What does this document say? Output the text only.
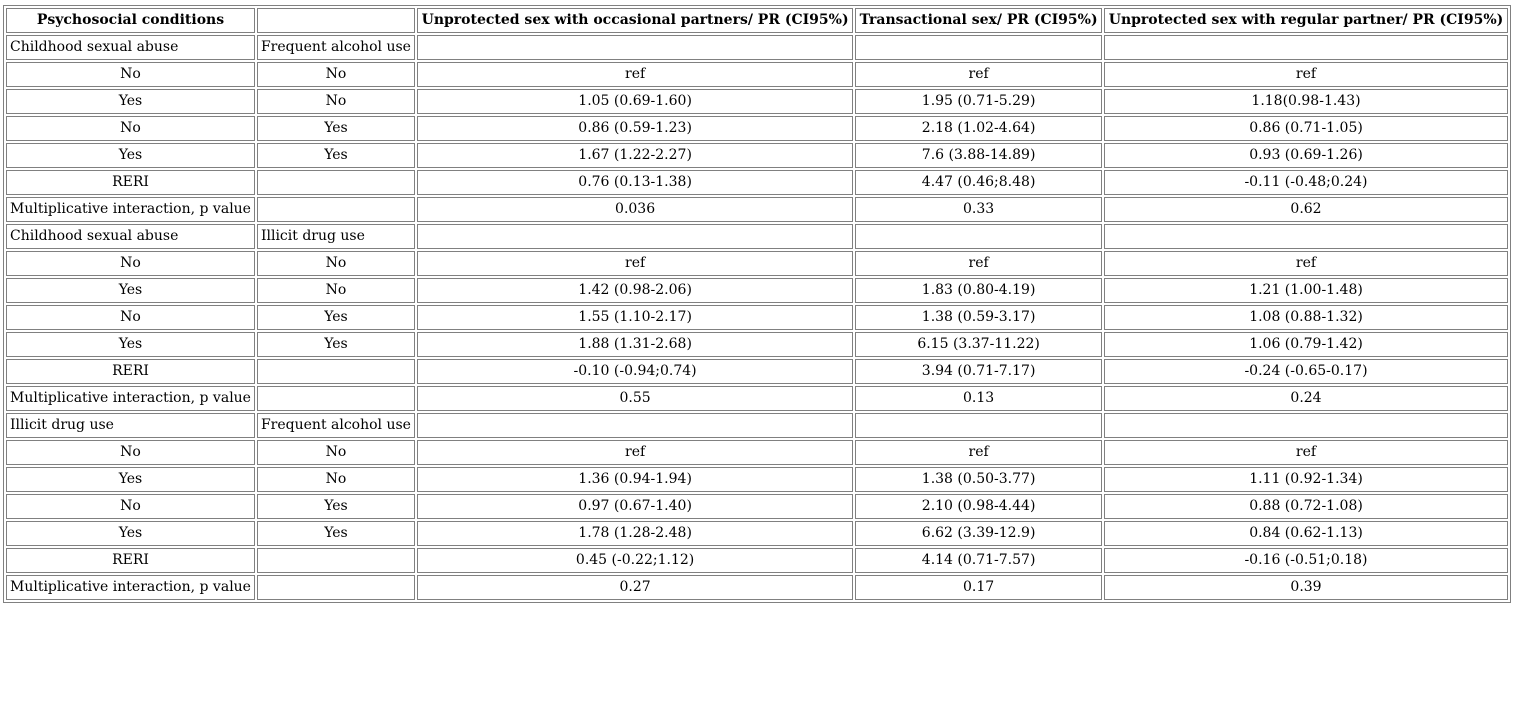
Psychosocial conditions		Unprotected sex with occasional partners/ PR (CI95%)	Transactional sex/ PR (CI95%)	Unprotected sex with regular partner/ PR (CI95%)
Childhood sexual abuse	Frequent alcohol use			
No	No	ref	ref	ref
Yes	No	1.05 (0.69-1.60)	1.95 (0.71-5.29)	1.18(0.98-1.43)
No	Yes	0.86 (0.59-1.23)	2.18 (1.02-4.64)	0.86 (0.71-1.05)
Yes	Yes	1.67 (1.22-2.27)	7.6 (3.88-14.89)	0.93 (0.69-1.26)
RERI		0.76 (0.13-1.38)	4.47 (0.46;8.48)	-0.11 (-0.48;0.24)
Multiplicative interaction, p value		0.036	0.33	0.62
Childhood sexual abuse	Illicit drug use			
No	No	ref	ref	ref
Yes	No	1.42 (0.98-2.06)	1.83 (0.80-4.19)	1.21 (1.00-1.48)
No	Yes	1.55 (1.10-2.17)	1.38 (0.59-3.17)	1.08 (0.88-1.32)
Yes	Yes	1.88 (1.31-2.68)	6.15 (3.37-11.22)	1.06 (0.79-1.42)
RERI		-0.10 (-0.94;0.74)	3.94 (0.71-7.17)	-0.24 (-0.65-0.17)
Multiplicative interaction, p value		0.55	0.13	0.24
Illicit drug use	Frequent alcohol use			
No	No	ref	ref	ref
Yes	No	1.36 (0.94-1.94)	1.38 (0.50-3.77)	1.11 (0.92-1.34)
No	Yes	0.97 (0.67-1.40)	2.10 (0.98-4.44)	0.88 (0.72-1.08)
Yes	Yes	1.78 (1.28-2.48)	6.62 (3.39-12.9)	0.84 (0.62-1.13)
RERI		0.45 (-0.22;1.12)	4.14 (0.71-7.57)	-0.16 (-0.51;0.18)
Multiplicative interaction, p value		0.27	0.17	0.39
